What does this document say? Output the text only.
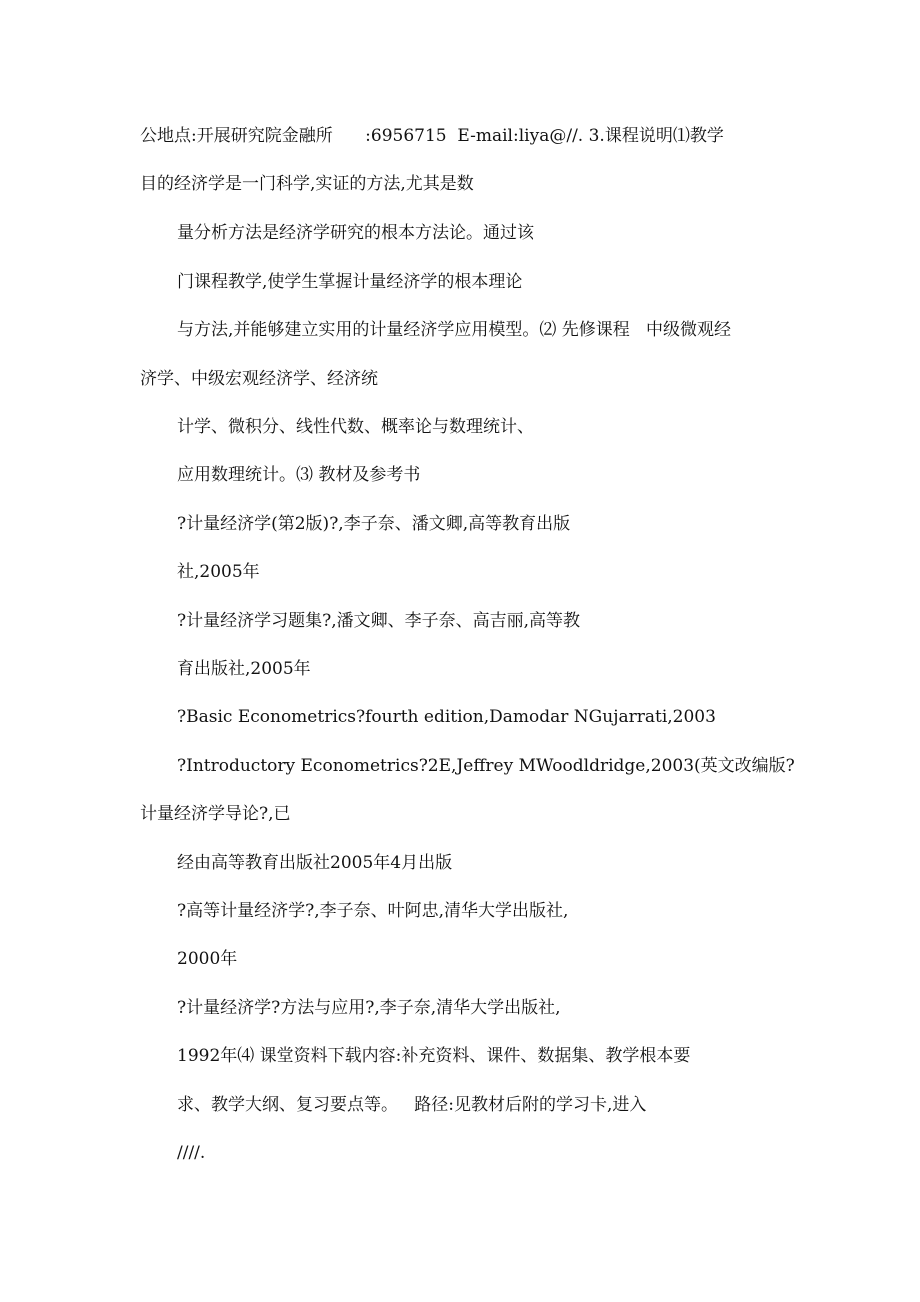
公地点:开展研究院金融所      :6956715  E-mail:liya@//. 3.课程说明⑴教学
目的经济学是一门科学,实证的方法,尤其是数
量分析方法是经济学研究的根本方法论。通过该
门课程教学,使学生掌握计量经济学的根本理论
与方法,并能够建立实用的计量经济学应用模型。⑵ 先修课程   中级微观经
济学、中级宏观经济学、经济统
计学、微积分、线性代数、概率论与数理统计、
应用数理统计。⑶ 教材及参考书
?计量经济学(第2版)?,李子奈、潘文卿,高等教育出版
社,2005年
?计量经济学习题集?,潘文卿、李子奈、高吉丽,高等教
育出版社,2005年
?Basic Econometrics?fourth edition,Damodar NGujarrati,2003
?Introductory Econometrics?2E,Jeffrey MWoodldridge,2003(英文改编版?
计量经济学导论?,已
经由高等教育出版社2005年4月出版
?高等计量经济学?,李子奈、叶阿忠,清华大学出版社,
2000年
?计量经济学?方法与应用?,李子奈,清华大学出版社,
1992年⑷ 课堂资料下载内容:补充资料、课件、数据集、教学根本要
求、教学大纲、复习要点等。   路径:见教材后附的学习卡,进入
////.
